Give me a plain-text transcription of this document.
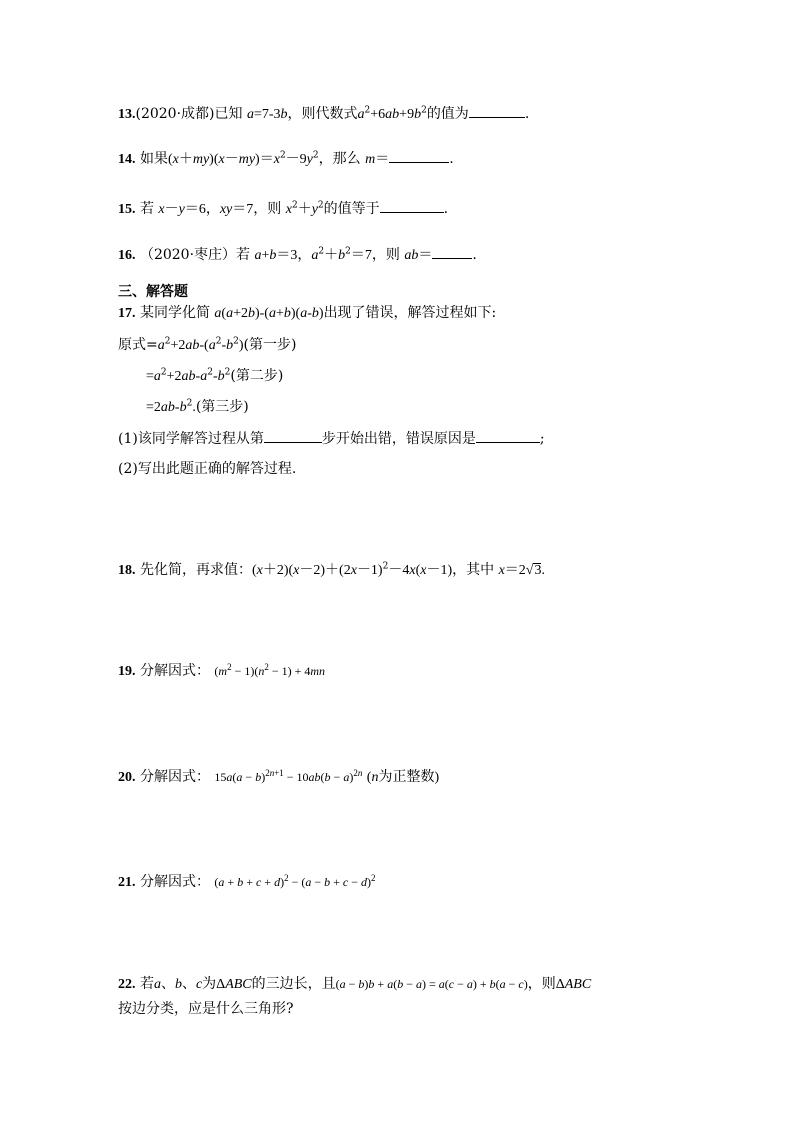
13.(2020·成都)已知 a=7-3b，则代数式$a^2+6ab+9b^2$的值为	.
14. 如果$(x+my)(x-my)=x^2-9y^2$，那么 m＝	.
15. 若 x－y＝6，xy＝7，则 $x^2+y^2$的值等于	.
16. （2020·枣庄）若 a+b＝3，$a^2+b^2=7$，则 ab＝	.
三、解答题
17. 某同学化简 a(a+2b)-(a+b)(a-b)出现了错误，解答过程如下:
原式$=a^2+2ab-(a^2-b^2)$(第一步)
$=a^2+2ab-a^2-b^2$(第二步)
$=2ab-b^2$.(第三步)
(1)该同学解答过程从第	步开始出错，错误原因是	;
(2)写出此题正确的解答过程.
18. 先化简，再求值：$(x+2)(x-2)+(2x-1)^2-4x(x-1)$，其中 x＝2√3.
19. 分解因式： $(m^2 - 1)(n^2 - 1) + 4mn$
20. 分解因式： $15a(a - b)^{2n+1} - 10ab(b - a)^{2n}$ (n为正整数)
21. 分解因式： $(a + b + c + d)^2 - (a - b + c - d)^2$
22. 若a、b、c为ΔABC的三边长，且(a − b)b + a(b − a) = a(c − a) + b(a − c)，则ΔABC
按边分类，应是什么三角形?
